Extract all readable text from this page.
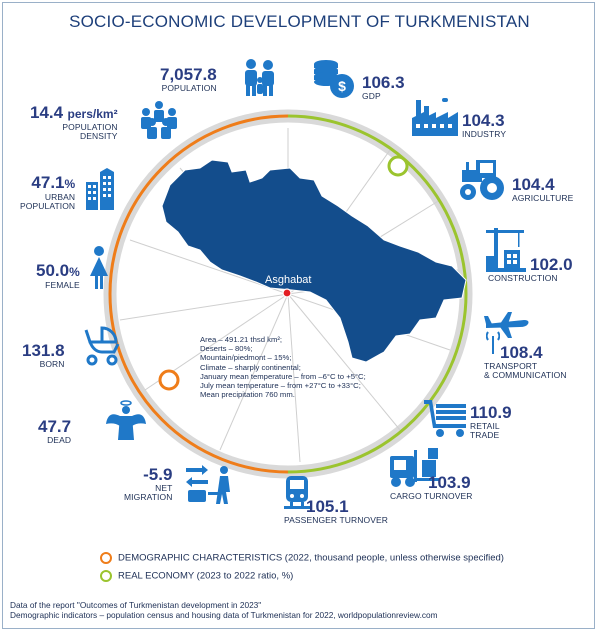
SOCIO-ECONOMIC DEVELOPMENT OF TURKMENISTAN
Asghabat
Area – 491.21 thsd km²;
Deserts – 80%;
Mountain/piedmont – 15%;
Climate – sharply continental;
January mean temperature – from –6°C to +5°C;
July mean temperature – from +27°C to +33°C;
Mean precipitation 760 mm.
7,057.8
POPULATION
14.4 pers/km²
POPULATION
DENSITY
47.1%
URBAN
POPULATION
50.0%
FEMALE
131.8
BORN
47.7
DEAD
-5.9
NET
MIGRATION
$ 106.3
GDP
104.3
INDUSTRY
104.4
AGRICULTURE
102.0
CONSTRUCTION
108.4
TRANSPORT
& COMMUNICATION
110.9
RETAIL
TRADE
103.9
CARGO TURNOVER
105.1
PASSENGER TURNOVER
DEMOGRAPHIC CHARACTERISTICS (2022, thousand people, unless otherwise specified)
REAL ECONOMY (2023 to 2022 ratio, %)
Data of the report "Outcomes of Turkmenistan development in 2023"
Demographic indicators – population census and housing data of Turkmenistan for 2022, worldpopulationreview.com
